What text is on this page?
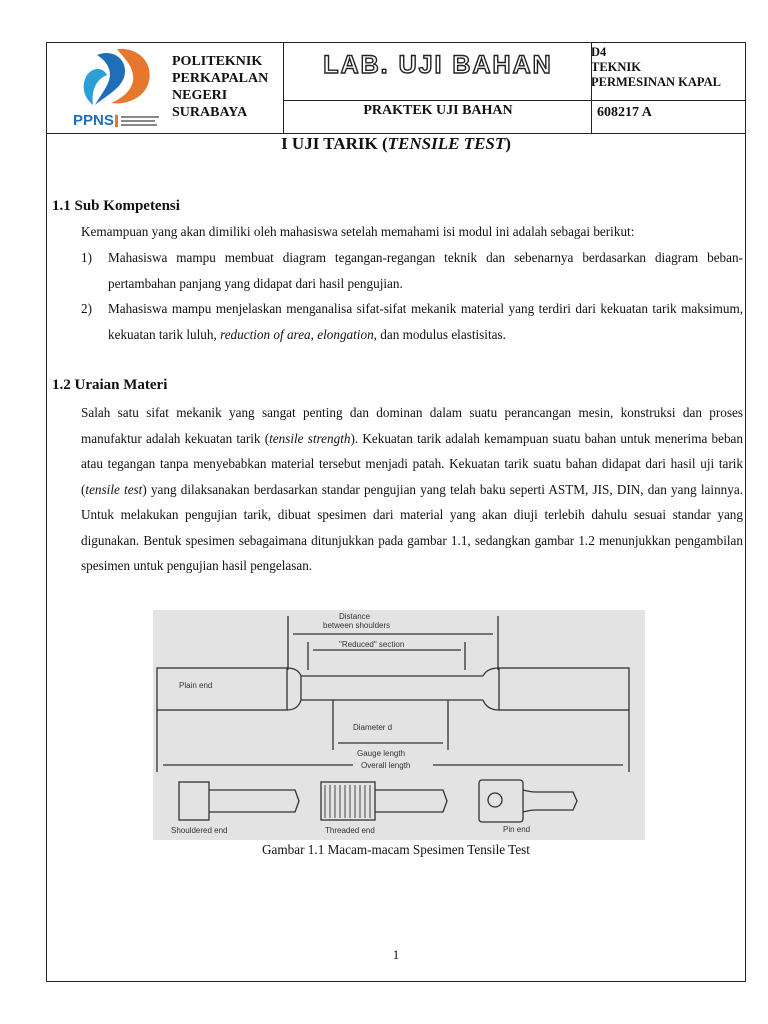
PPNS
POLITEKNIK
PERKAPALAN
NEGERI
SURABAYA
LAB. UJI BAHAN	D4
TEKNIK
PERMESINAN KAPAL
PRAKTEK UJI BAHAN	608217 A
I UJI TARIK (TENSILE TEST)
1.1 Sub Kompetensi
Kemampuan yang akan dimiliki oleh mahasiswa setelah memahami isi modul ini adalah sebagai berikut:
1) Mahasiswa mampu membuat diagram tegangan-regangan teknik dan sebenarnya berdasarkan diagram beban-pertambahan panjang yang didapat dari hasil pengujian.
2) Mahasiswa mampu menjelaskan menganalisa sifat-sifat mekanik material yang terdiri dari kekuatan tarik maksimum, kekuatan tarik luluh, reduction of area, elongation, dan modulus elastisitas.
1.2 Uraian Materi
Salah satu sifat mekanik yang sangat penting dan dominan dalam suatu perancangan mesin, konstruksi dan proses manufaktur adalah kekuatan tarik (tensile strength). Kekuatan tarik adalah kemampuan suatu bahan untuk menerima beban atau tegangan tanpa menyebabkan material tersebut menjadi patah. Kekuatan tarik suatu bahan didapat dari hasil uji tarik (tensile test) yang dilaksanakan berdasarkan standar pengujian yang telah baku seperti ASTM, JIS, DIN, dan yang lainnya. Untuk melakukan pengujian tarik, dibuat spesimen dari material yang akan diuji terlebih dahulu sesuai standar yang digunakan. Bentuk spesimen sebagaimana ditunjukkan pada gambar 1.1, sedangkan gambar 1.2 menunjukkan pengambilan spesimen untuk pengujian hasil pengelasan.
Distance
between shoulders
"Reduced" section
Plain end
Diameter d
Gauge length
Overall length
Shouldered end	Threaded end	Pin end
Gambar 1.1 Macam-macam Spesimen Tensile Test
1
